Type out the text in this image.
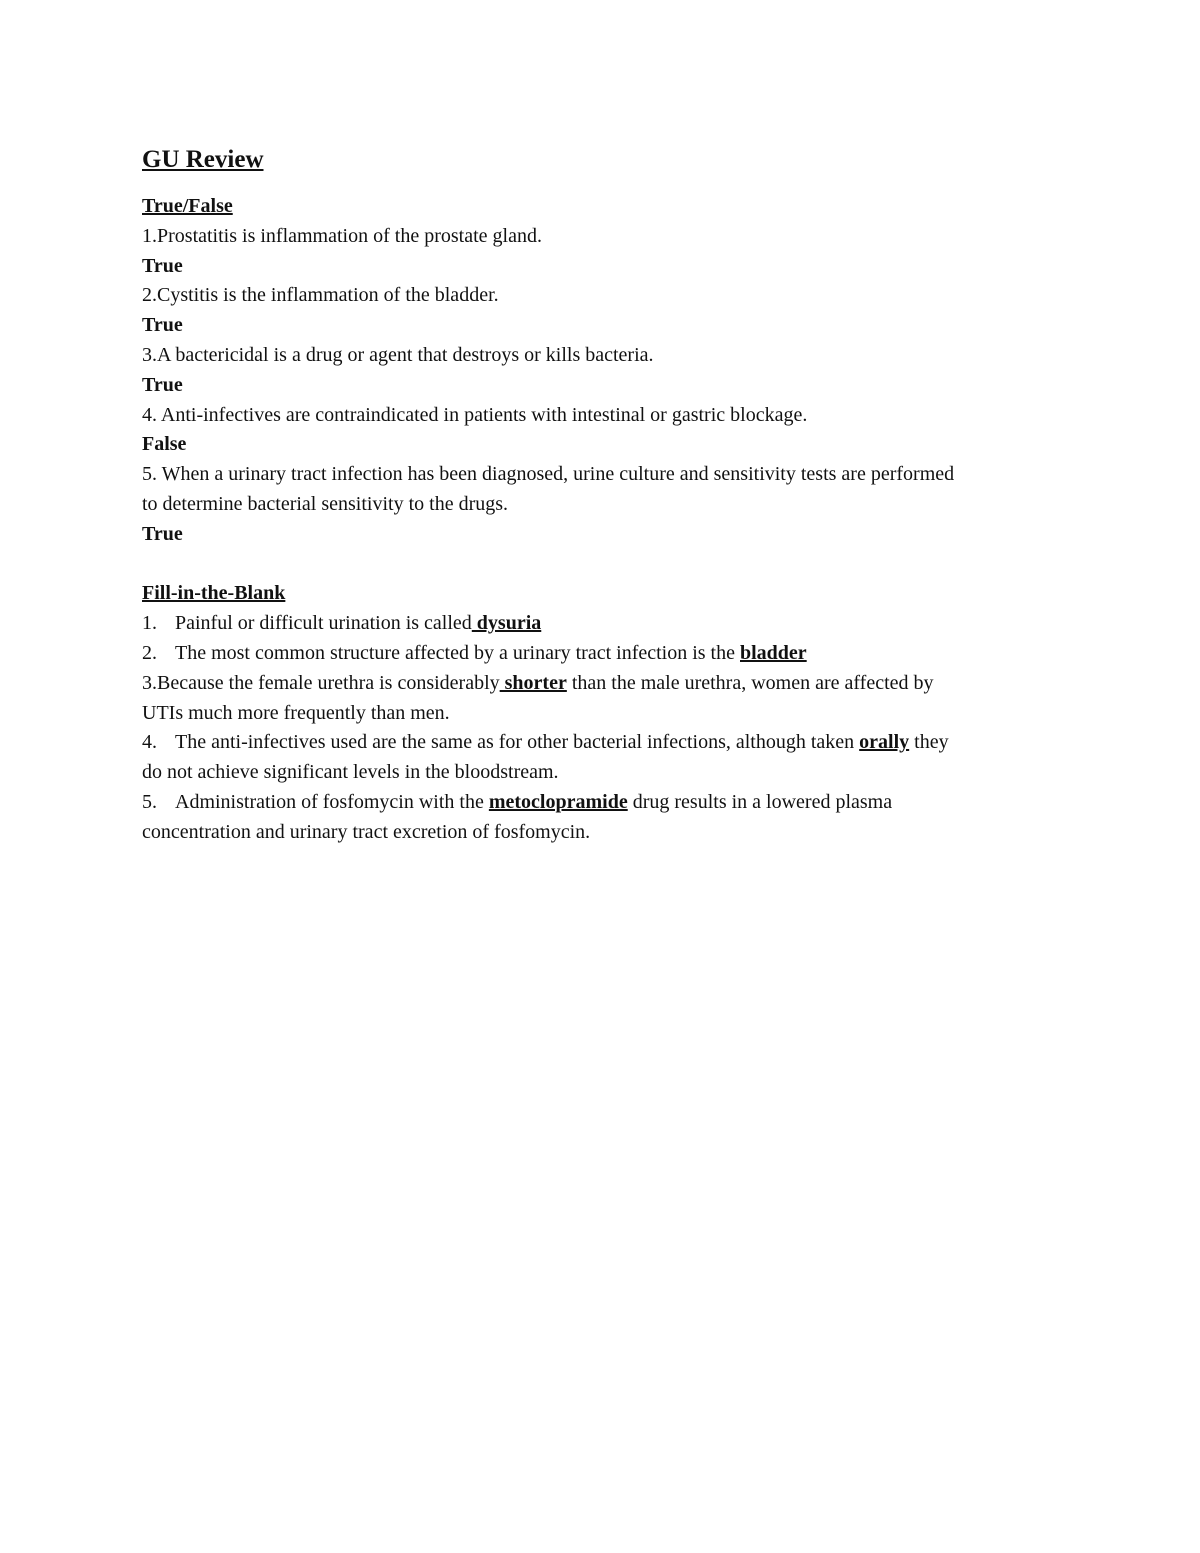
GU Review

True/False

1.Prostatitis is inflammation of the prostate gland.

True

2.Cystitis is the inflammation of the bladder.

True

3.A bactericidal is a drug or agent that destroys or kills bacteria.

True

4. Anti-infectives are contraindicated in patients with intestinal or gastric blockage.

False

5. When a urinary tract infection has been diagnosed, urine culture and sensitivity tests are performed

to determine bacterial sensitivity to the drugs.

True

Fill-in-the-Blank

1. Painful or difficult urination is called dysuria

2. The most common structure affected by a urinary tract infection is the bladder

3.Because the female urethra is considerably shorter than the male urethra, women are affected by

UTIs much more frequently than men.

4. The anti-infectives used are the same as for other bacterial infections, although taken orally they

do not achieve significant levels in the bloodstream.

5. Administration of fosfomycin with the metoclopramide drug results in a lowered plasma

concentration and urinary tract excretion of fosfomycin.
